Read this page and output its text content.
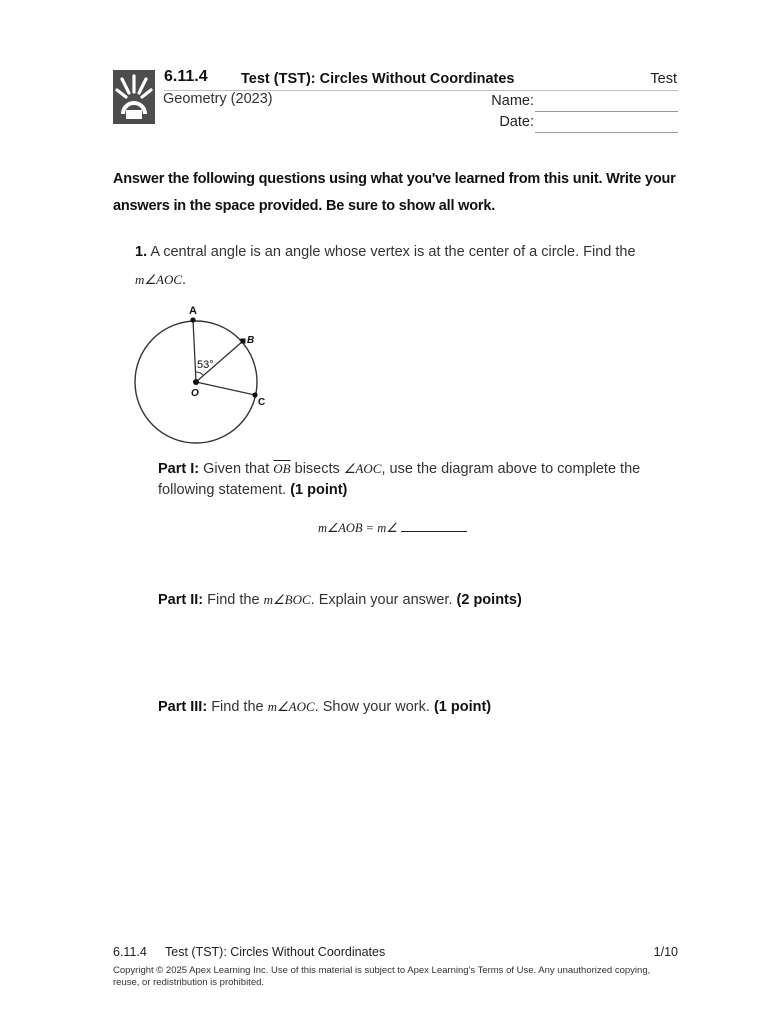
6.11.4 Test (TST): Circles Without Coordinates	Test
Geometry (2023)	Name:
Date:
Answer the following questions using what you've learned from this unit. Write your answers in the space provided. Be sure to show all work.
1. A central angle is an angle whose vertex is at the center of a circle. Find the
m∠AOC.
A
B
C
O
53°
Part I: Given that $\overline{OB}$ bisects ∠AOC, use the diagram above to complete the following statement. (1 point)
m∠AOB = m∠
Part II: Find the m∠BOC. Explain your answer. (2 points)
Part III: Find the m∠AOC. Show your work. (1 point)
6.11.4 Test (TST): Circles Without Coordinates	1/10
Copyright © 2025 Apex Learning Inc. Use of this material is subject to Apex Learning's Terms of Use. Any unauthorized copying, reuse, or redistribution is prohibited.
